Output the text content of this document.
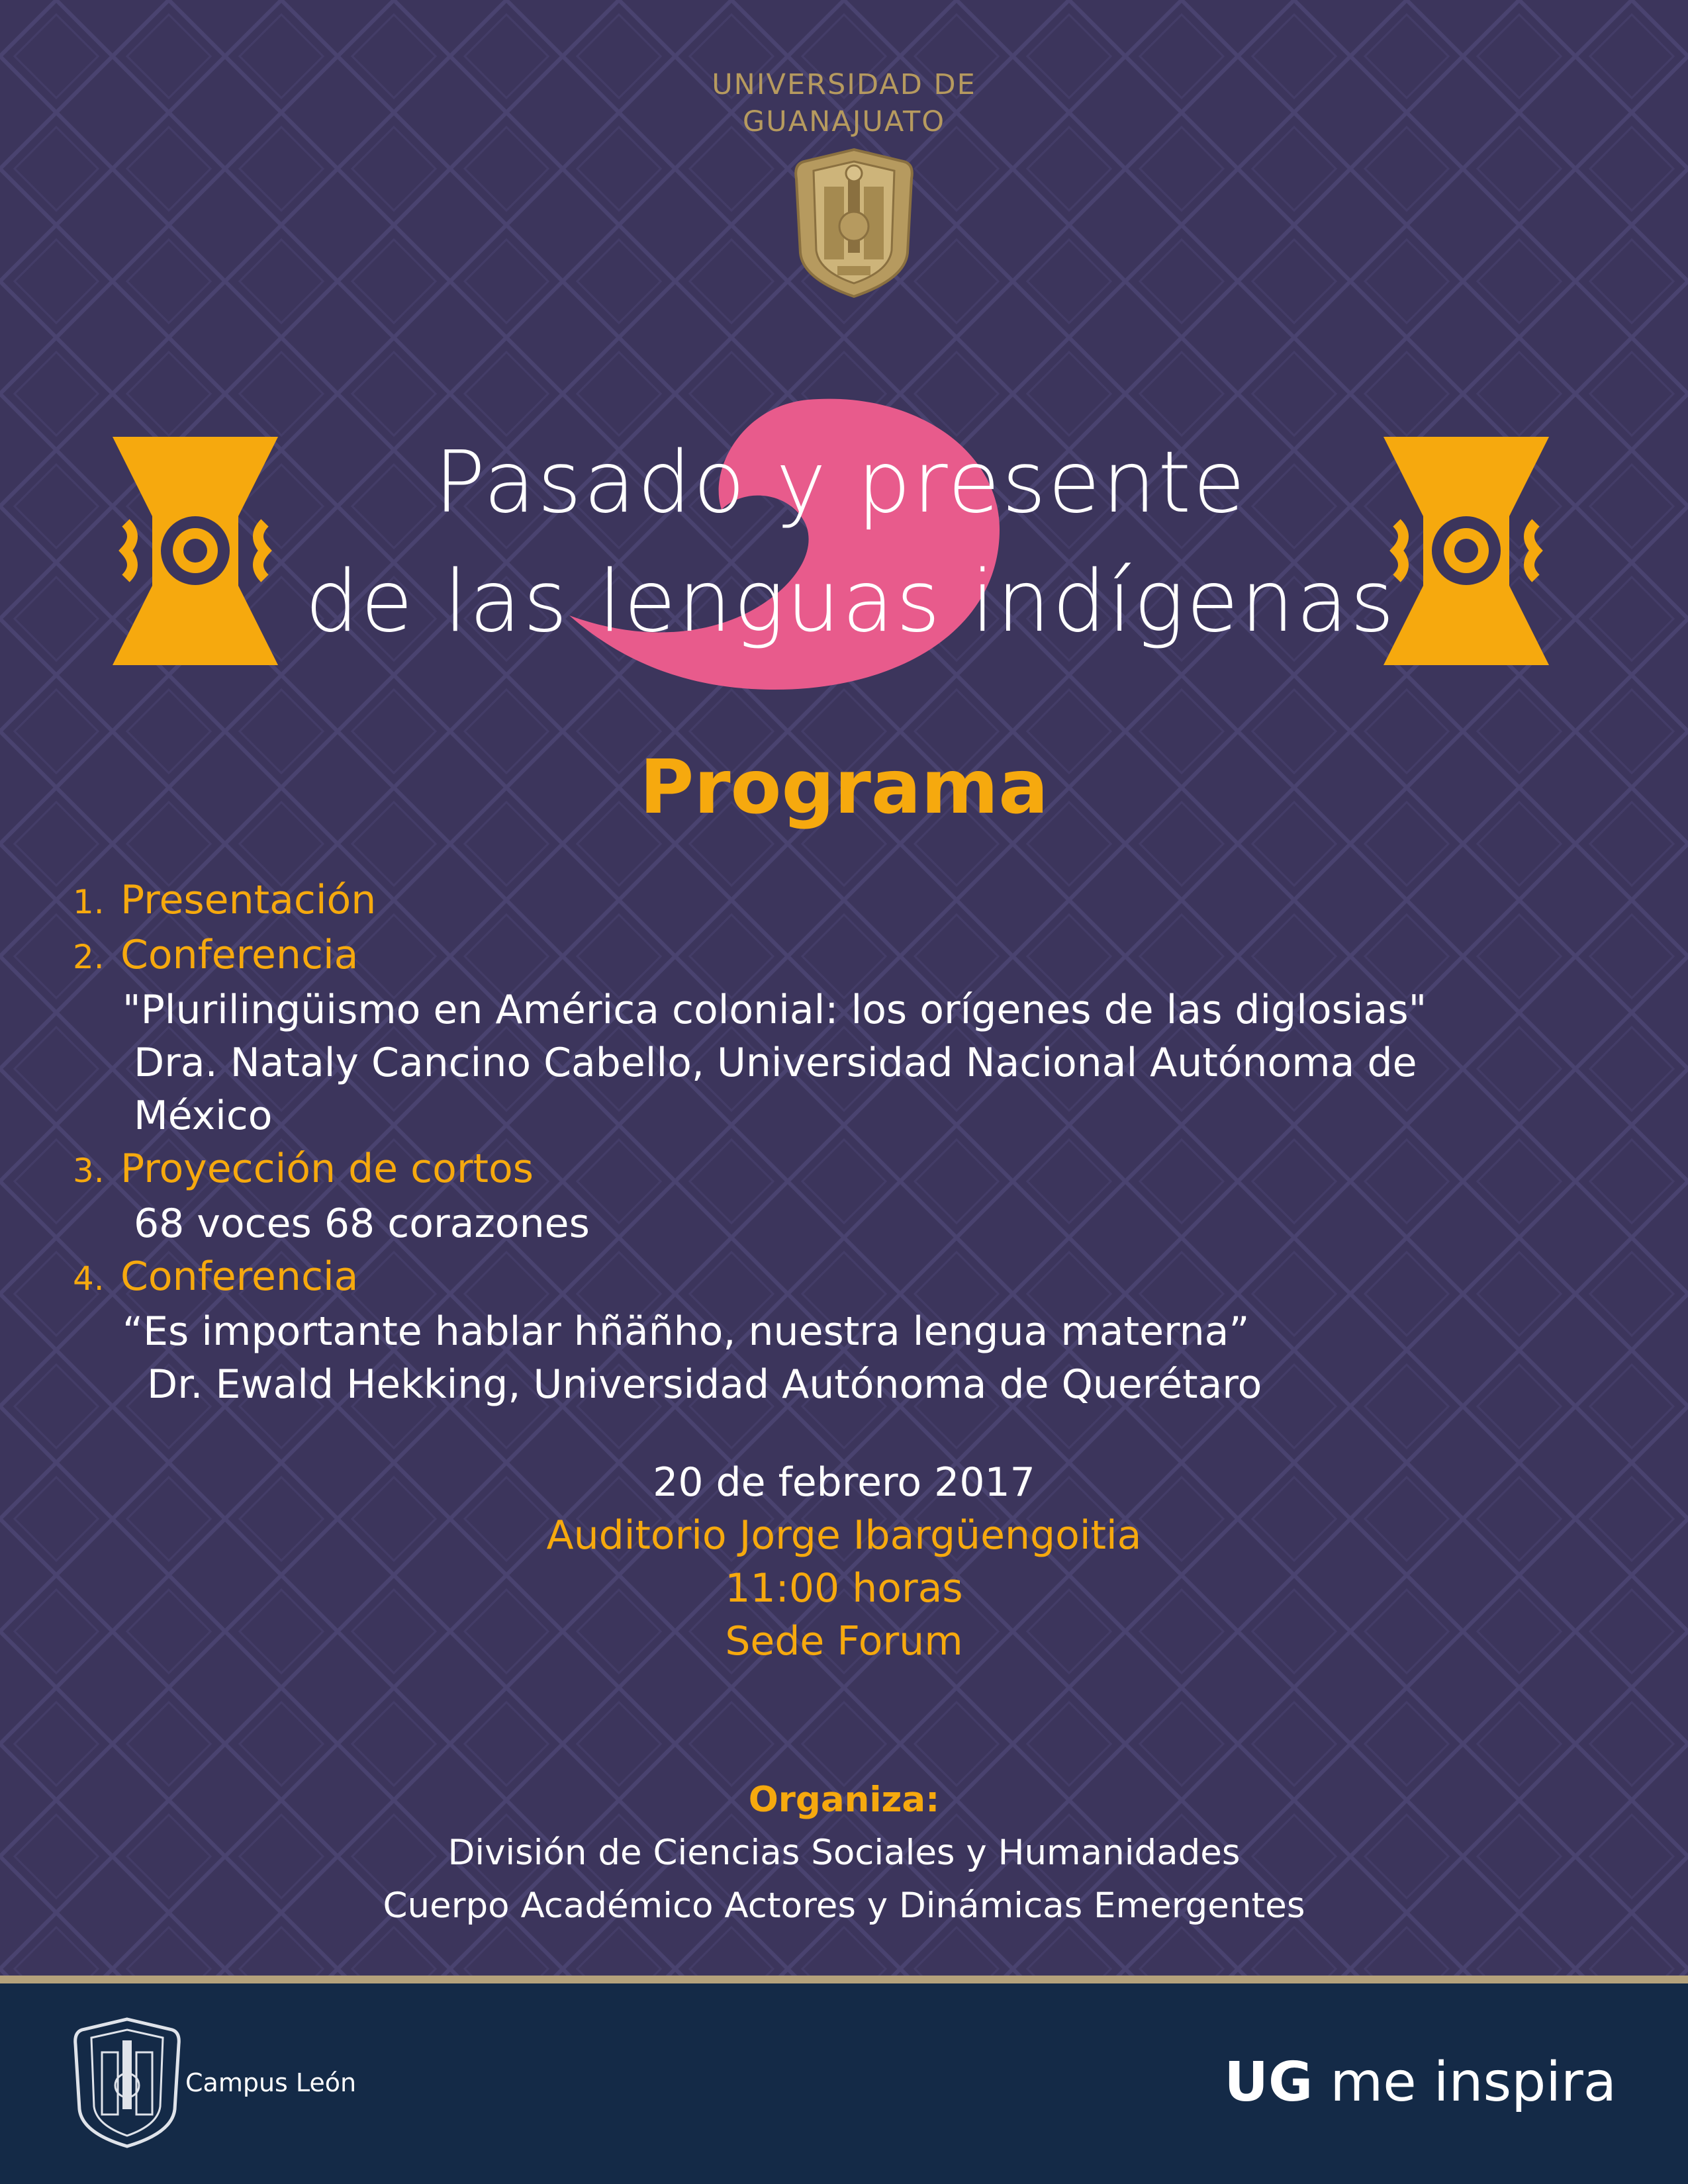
UNIVERSIDAD DE
GUANAJUATO
Pasado y presente
de las lenguas indígenas
Programa
1. Presentación
2. Conferencia
"Plurilingüismo en América colonial: los orígenes de las diglosias"
Dra. Nataly Cancino Cabello, Universidad Nacional Autónoma de
México
3. Proyección de cortos
68 voces 68 corazones
4. Conferencia
“Es importante hablar hñäñho, nuestra lengua materna”
Dr. Ewald Hekking, Universidad Autónoma de Querétaro
20 de febrero 2017
Auditorio Jorge Ibargüengoitia
11:00 horas
Sede Forum
Organiza:
División de Ciencias Sociales y Humanidades
Cuerpo Académico Actores y Dinámicas Emergentes
Campus León	UG me inspira
